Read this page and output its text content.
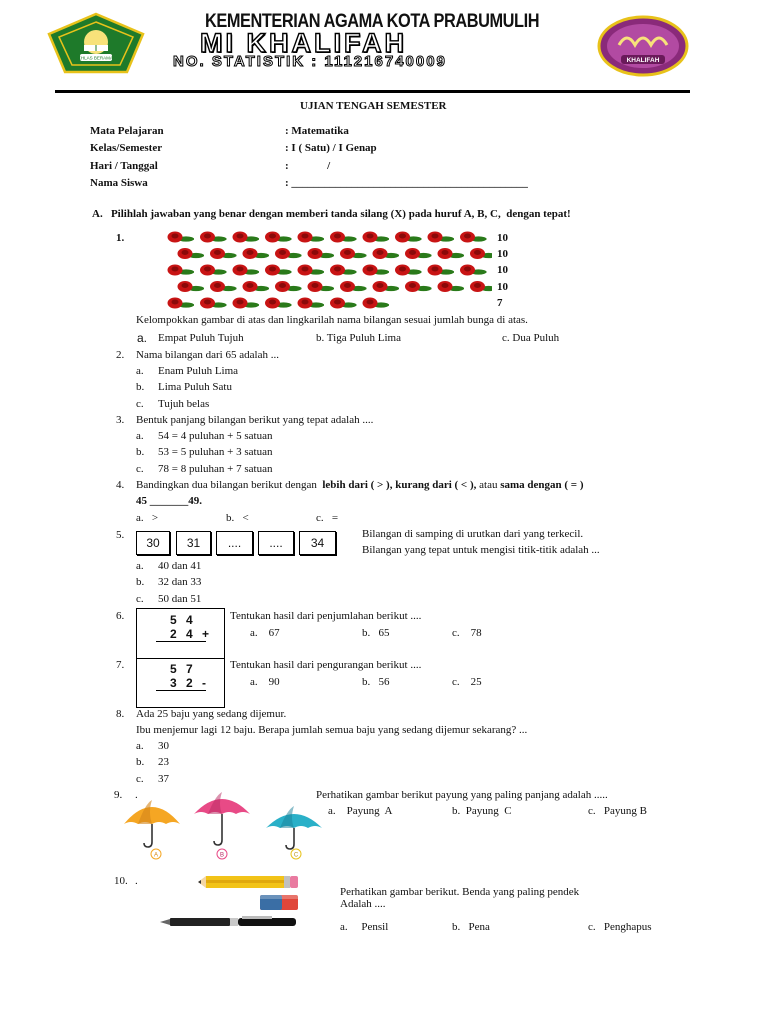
IKHLAS BERAMAL
KEMENTERIAN AGAMA KOTA PRABUMULIH
MI KHALIFAH
NO. STATISTIK : 111216740009	KHALIFAH
UJIAN TENGAH SEMESTER
Mata Pelajaran	: Matematika
Kelas/Semester	: I ( Satu) / I Genap
Hari / Tanggal	:              /
Nama Siswa	: ___________________________________________
A.   Pilihlah jawaban yang benar dengan memberi tanda silang (X) pada huruf A, B, C,  dengan tepat!
1.	10
10
10
10
7
Kelompokkan gambar di atas dan lingkarilah nama bilangan sesuai jumlah bunga di atas.
a. Empat Puluh Tujuh	b. Tiga Puluh Lima	c. Dua Puluh
2. Nama bilangan dari 65 adalah ...
a. Enam Puluh Lima
b. Lima Puluh Satu
c. Tujuh belas
3. Bentuk panjang bilangan berikut yang tepat adalah ....
a. 54 = 4 puluhan + 5 satuan
b. 53 = 5 puluhan + 3 satuan
c. 78 = 8 puluhan + 7 satuan
4. Bandingkan dua bilangan berikut dengan lebih dari ( > ), kurang dari ( < ), atau sama dengan ( = )
45 _______49.
a.   >	b.   <	c.   =
5.
30	31	....	....	34
Bilangan di samping di urutkan dari yang terkecil.
Bilangan yang tepat untuk mengisi titik-titik adalah ...
a. 40 dan 41
b. 32 dan 33
c. 50 dan 51
6.	5 4
2 4 +
Tentukan hasil dari penjumlahan berikut ....
a.    67	b.   65	c.    78
7.	5 7
3 2 -
Tentukan hasil dari pengurangan berikut ....
a.    90	b.   56	c.    25
8. Ada 25 baju yang sedang dijemur.
Ibu menjemur lagi 12 baju. Berapa jumlah semua baju yang sedang dijemur sekarang? ...
a. 30
b. 23
c. 37
9. .
A	B	C
Perhatikan gambar berikut payung yang paling panjang adalah .....
a.    Payung  A	b.  Payung  C	c.   Payung B
10. .
Perhatikan gambar berikut. Benda yang paling pendek
Adalah ....
a.     Pensil	b.   Pena	c.   Penghapus
